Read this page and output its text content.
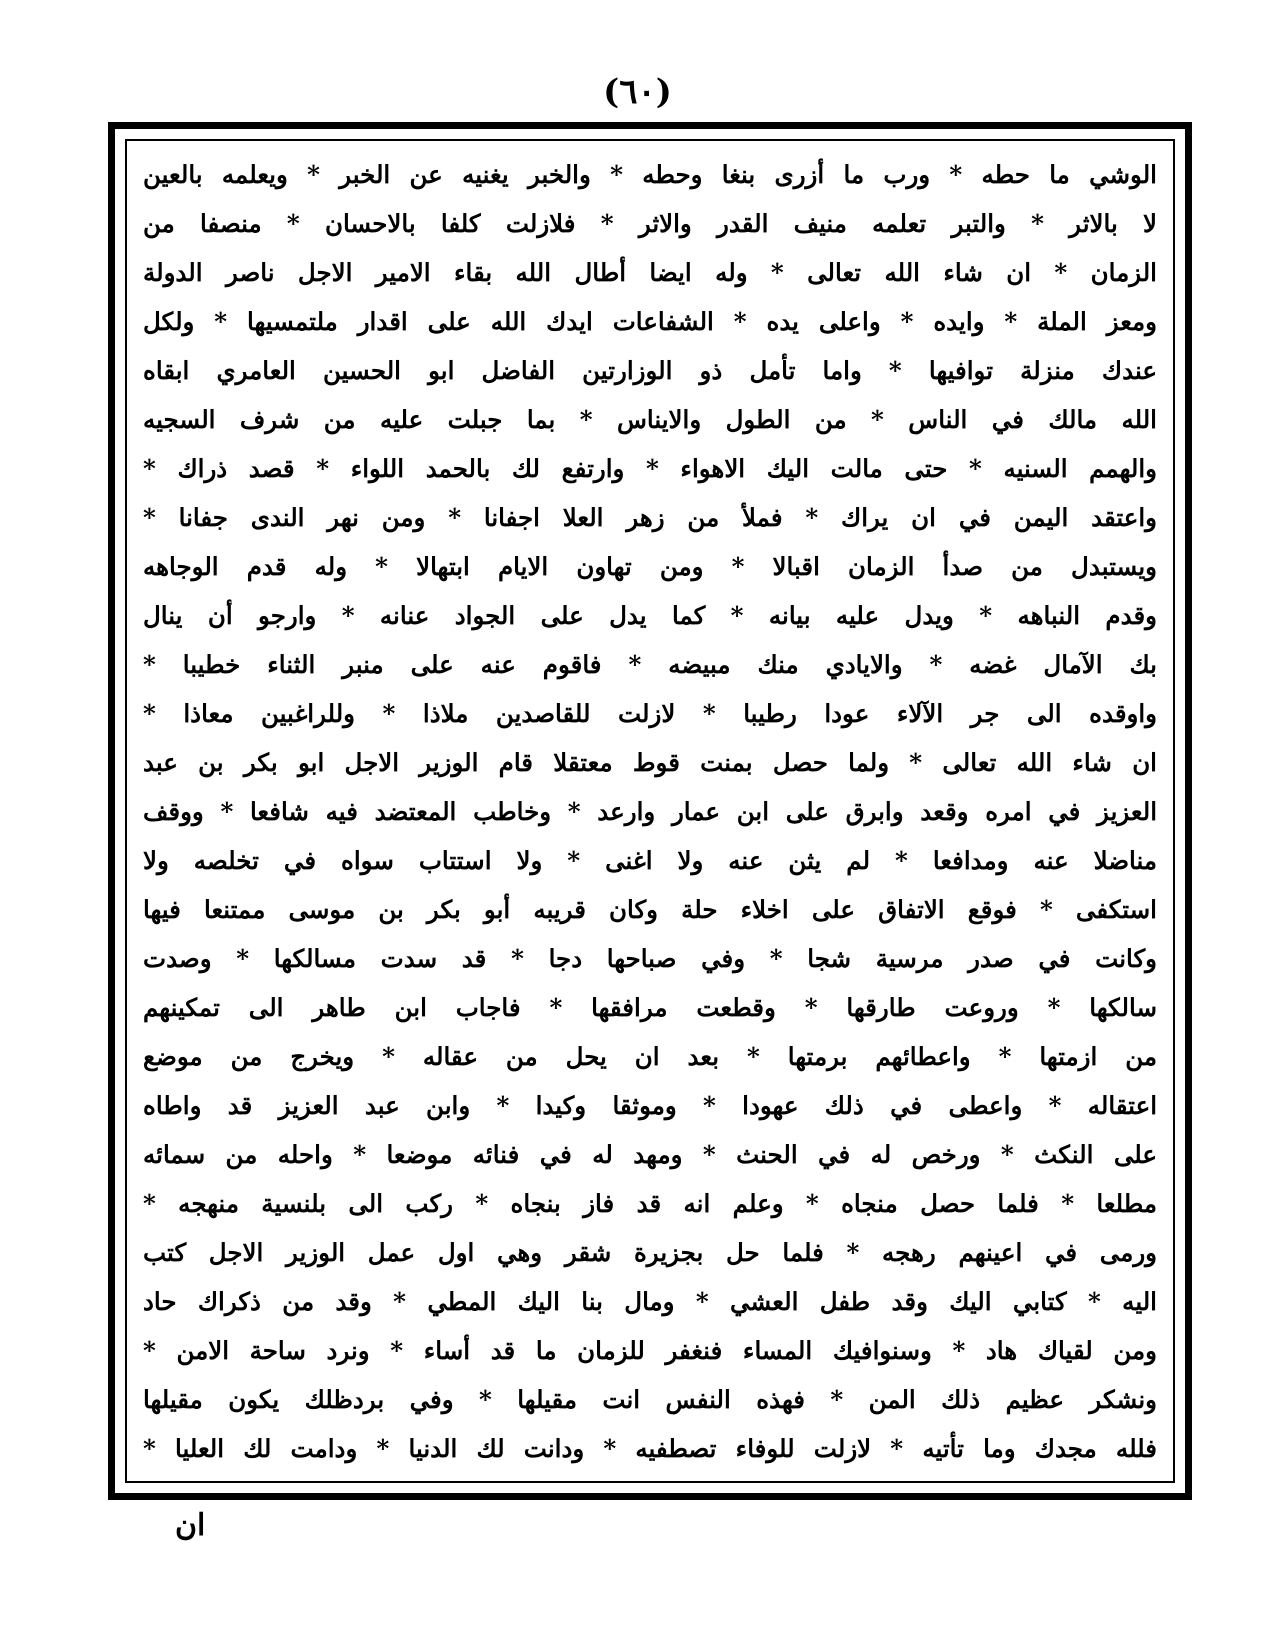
(٦٠)
الوشي ما حطه * ورب ما أزرى بنغا وحطه * والخبر يغنيه عن الخبر * ويعلمه بالعين
لا بالاثر * والتبر تعلمه منيف القدر والاثر * فلازلت كلفا بالاحسان * منصفا من
الزمان * ان شاء الله تعالى * وله ايضا أطال الله بقاء الامير الاجل ناصر الدولة
ومعز الملة * وايده * واعلى يده * الشفاعات ايدك الله على اقدار ملتمسيها * ولكل
عندك منزلة توافيها * واما تأمل ذو الوزارتين الفاضل ابو الحسين العامري ابقاه
الله مالك في الناس * من الطول والايناس * بما جبلت عليه من شرف السجيه
والهمم السنيه * حتى مالت اليك الاهواء * وارتفع لك بالحمد اللواء * قصد ذراك *
واعتقد اليمن في ان يراك * فملأ من زهر العلا اجفانا * ومن نهر الندى جفانا *
ويستبدل من صدأ الزمان اقبالا * ومن تهاون الايام ابتهالا * وله قدم الوجاهه
وقدم النباهه * ويدل عليه بيانه * كما يدل على الجواد عنانه * وارجو أن ينال
بك الآمال غضه * والايادي منك مبيضه * فاقوم عنه على منبر الثناء خطيبا *
واوقده الى جر الآلاء عودا رطيبا * لازلت للقاصدين ملاذا * وللراغبين معاذا *
ان شاء الله تعالى * ولما حصل بمنت قوط معتقلا قام الوزير الاجل ابو بكر بن عبد
العزيز في امره وقعد وابرق على ابن عمار وارعد * وخاطب المعتضد فيه شافعا * ووقف
مناضلا عنه ومدافعا * لم يثن عنه ولا اغنى * ولا استتاب سواه في تخلصه ولا
استكفى * فوقع الاتفاق على اخلاء حلة وكان قريبه أبو بكر بن موسى ممتنعا فيها
وكانت في صدر مرسية شجا * وفي صباحها دجا * قد سدت مسالكها * وصدت
سالكها * وروعت طارقها * وقطعت مرافقها * فاجاب ابن طاهر الى تمكينهم
من ازمتها * واعطائهم برمتها * بعد ان يحل من عقاله * ويخرج من موضع
اعتقاله * واعطى في ذلك عهودا * وموثقا وكيدا * وابن عبد العزيز قد واطاه
على النكث * ورخص له في الحنث * ومهد له في فنائه موضعا * واحله من سمائه
مطلعا * فلما حصل منجاه * وعلم انه قد فاز بنجاه * ركب الى بلنسية منهجه *
ورمى في اعينهم رهجه * فلما حل بجزيرة شقر وهي اول عمل الوزير الاجل كتب
اليه * كتابي اليك وقد طفل العشي * ومال بنا اليك المطي * وقد من ذكراك حاد
ومن لقياك هاد * وسنوافيك المساء فنغفر للزمان ما قد أساء * ونرد ساحة الامن *
ونشكر عظيم ذلك المن * فهذه النفس انت مقيلها * وفي بردظلك يكون مقيلها
فلله مجدك وما تأتيه * لازلت للوفاء تصطفيه * ودانت لك الدنيا * ودامت لك العليا *
ان
